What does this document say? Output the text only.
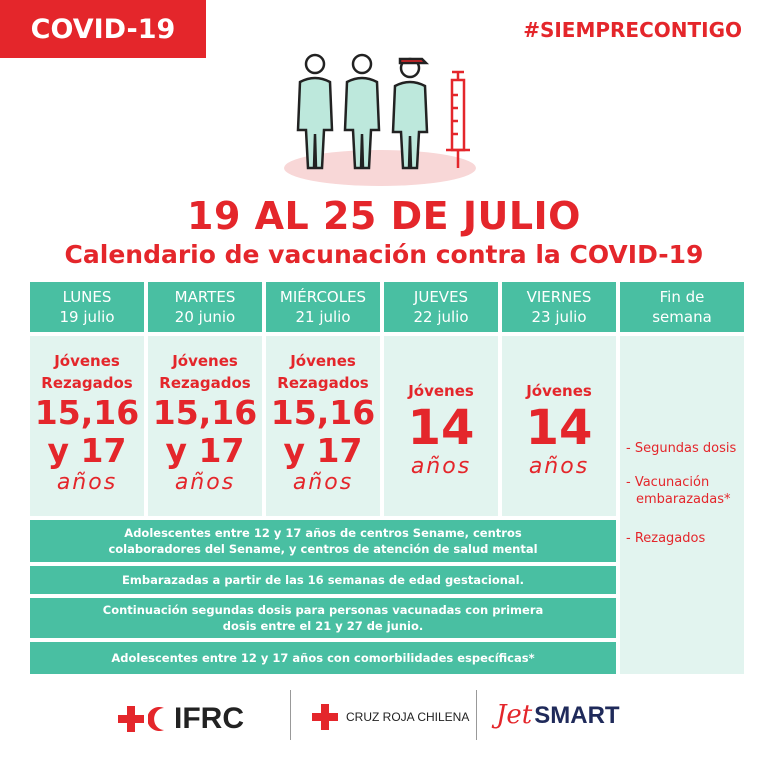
COVID-19	#SIEMPRECONTIGO
19 AL 25 DE JULIO
Calendario de vacunación contra la COVID-19
LUNES
19 julio
Jóvenes
Rezagados
15,16
y 17
años
MARTES
20 junio
Jóvenes
Rezagados
15,16
y 17
años
MIÉRCOLES
21 julio
Jóvenes
Rezagados
15,16
y 17
años
JUEVES
22 julio
Jóvenes
14
años
VIERNES
23 julio
Jóvenes
14
años
Fin de
semana
- Segundas dosis
- Vacunación
embarazadas*
- Rezagados
Adolescentes entre 12 y 17 años de centros Sename, centros
colaboradores del Sename, y centros de atención de salud mental
Embarazadas a partir de las 16 semanas de edad gestacional.
Continuación segundas dosis para personas vacunadas con primera
dosis entre el 21 y 27 de junio.
Adolescentes entre 12 y 17 años con comorbilidades específicas*
IFRC	CRUZ ROJA CHILENA Jet SMART
